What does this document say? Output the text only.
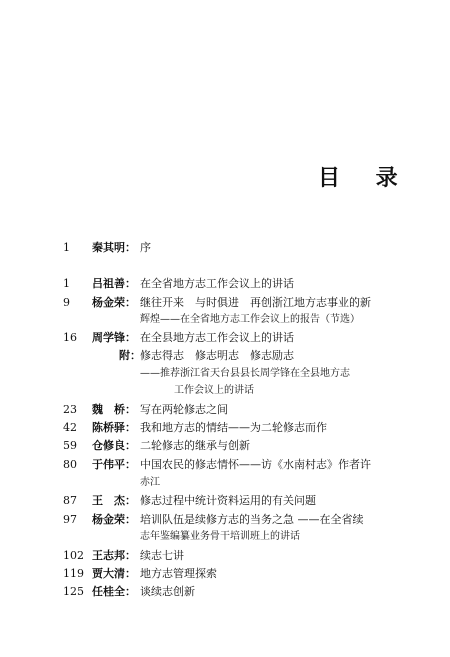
目 录
1	秦其明： 序
1	吕祖善： 在全省地方志工作会议上的讲话
9	杨金荣： 继往开来　与时俱进　再创浙江地方志事业的新
辉煌——在全省地方志工作会议上的报告（节选）
16	周学锋： 在全县地方志工作会议上的讲话
附： 修志得志　修志明志　修志励志
——推荐浙江省天台县县长周学锋在全县地方志
工作会议上的讲话
23	魏　桥： 写在两轮修志之间
42	陈桥驿： 我和地方志的情结——为二轮修志而作
59	仓修良： 二轮修志的继承与创新
80	于伟平： 中国农民的修志情怀——访《水南村志》作者许
赤江
87	王　杰： 修志过程中统计资料运用的有关问题
97	杨金荣： 培训队伍是续修方志的当务之急 ——在全省续
志年鉴编纂业务骨干培训班上的讲话
102 王志邦： 续志七讲
119 贾大清： 地方志管理探索
125 任桂全： 谈续志创新
